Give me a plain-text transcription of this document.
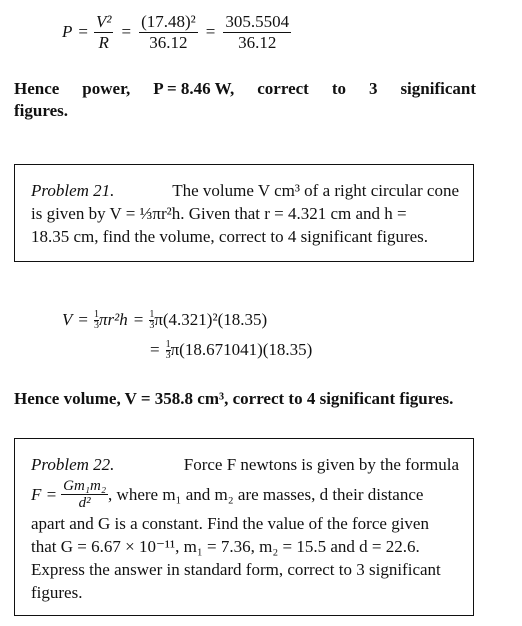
$P = \frac{\text{V²}}{R} = \frac{\text{(17.48)²}}{36.12} = \frac{305.5504}{36.12}$
Hence power, P = 8.46 W, correct to 3 significant
figures.
Problem 21.	The volume V cm³ of a right circular cone
is given by V = ⅓πr²h. Given that r = 4.321 cm and h =
18.35 cm, find the volume, correct to 4 significant figures.
$V = \frac{1}{3} \pi r^2h = \frac{1}{3} \pi(4.321)^2(18.35)$
= $\frac{1}{3} \pi(18.671041)(18.35)$
Hence volume, V = 358.8 cm³, correct to 4 significant figures.
Problem 22.	Force F newtons is given by the formula
$F = \frac{\text{Gm₁m₂}}{\text{d²}}$ , where m₁ and m₂ are masses, d their distance
apart and G is a constant. Find the value of the force given
that G = 6.67 × 10⁻¹¹, m₁ = 7.36, m₂ = 15.5 and d = 22.6.
Express the answer in standard form, correct to 3 significant
figures.
